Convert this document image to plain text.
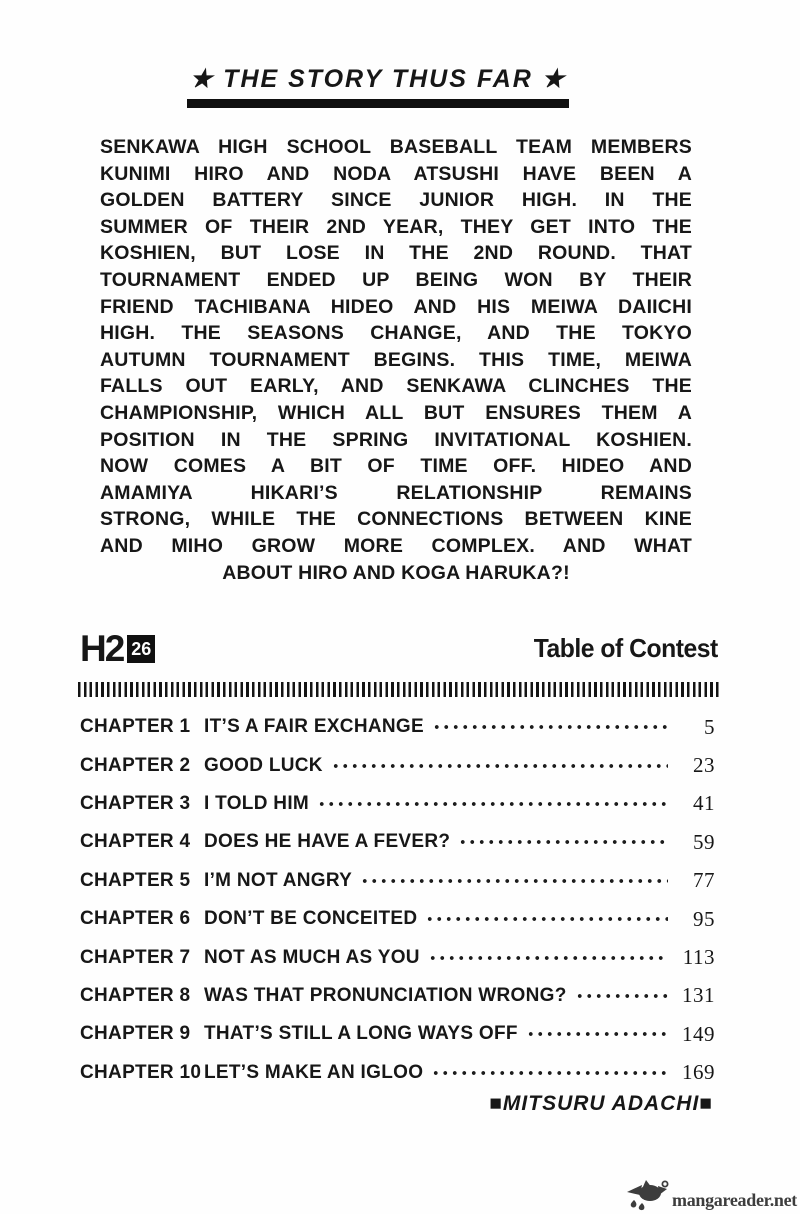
★ THE STORY THUS FAR ★
SENKAWA HIGH SCHOOL BASEBALL TEAM MEMBERS
KUNIMI HIRO AND NODA ATSUSHI HAVE BEEN A
GOLDEN BATTERY SINCE JUNIOR HIGH. IN THE
SUMMER OF THEIR 2ND YEAR, THEY GET INTO THE
KOSHIEN, BUT LOSE IN THE 2ND ROUND. THAT
TOURNAMENT ENDED UP BEING WON BY THEIR
FRIEND TACHIBANA HIDEO AND HIS MEIWA DAIICHI
HIGH. THE SEASONS CHANGE, AND THE TOKYO
AUTUMN TOURNAMENT BEGINS. THIS TIME, MEIWA
FALLS OUT EARLY, AND SENKAWA CLINCHES THE
CHAMPIONSHIP, WHICH ALL BUT ENSURES THEM A
POSITION IN THE SPRING INVITATIONAL KOSHIEN.
NOW COMES A BIT OF TIME OFF. HIDEO AND
AMAMIYA HIKARI’S RELATIONSHIP REMAINS
STRONG, WHILE THE CONNECTIONS BETWEEN KINE
AND MIHO GROW MORE COMPLEX. AND WHAT
ABOUT HIRO AND KOGA HARUKA?!
H2 26	Table of Contest
CHAPTER 1 IT’S A FAIR EXCHANGE	5
CHAPTER 2 GOOD LUCK	23
CHAPTER 3 I TOLD HIM	41
CHAPTER 4 DOES HE HAVE A FEVER?	59
CHAPTER 5 I’M NOT ANGRY	77
CHAPTER 6 DON’T BE CONCEITED	95
CHAPTER 7 NOT AS MUCH AS YOU	113
CHAPTER 8 WAS THAT PRONUNCIATION WRONG?	131
CHAPTER 9 THAT’S STILL A LONG WAYS OFF	149
CHAPTER 10 LET’S MAKE AN IGLOO	169
■MITSURU ADACHI■
mangareader.net
